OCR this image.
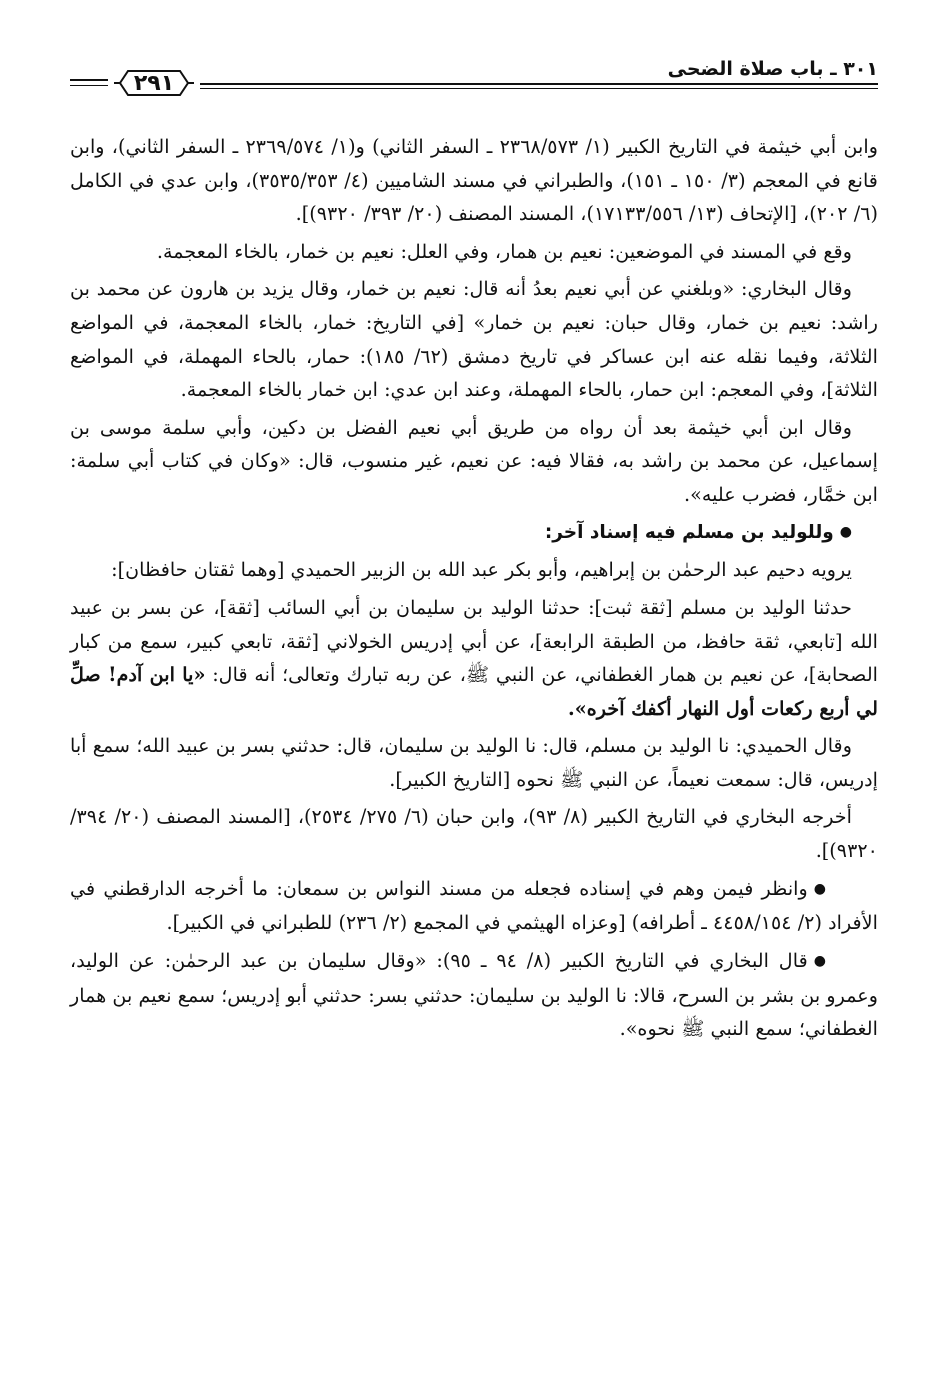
٣٠١ ـ باب صلاة الضحى
٢٩١

وابن أبي خيثمة في التاريخ الكبير (١/ ٢٣٦٨/٥٧٣ ـ السفر الثاني) و(١/ ٢٣٦٩/٥٧٤ ـ السفر الثاني)، وابن قانع في المعجم (٣/ ١٥٠ ـ ١٥١)، والطبراني في مسند الشاميين (٤/ ٣٥٣٥/٣٥٣)، وابن عدي في الكامل (٦/ ٢٠٢)، [الإتحاف (١٣/ ١٧١٣٣/٥٥٦)، المسند المصنف (٢٠/ ٣٩٣/ ٩٣٢٠)].

وقع في المسند في الموضعين: نعيم بن همار، وفي العلل: نعيم بن خمار، بالخاء المعجمة.

وقال البخاري: «وبلغني عن أبي نعيم بعدُ أنه قال: نعيم بن خمار، وقال يزيد بن هارون عن محمد بن راشد: نعيم بن خمار، وقال حبان: نعيم بن خمار» [في التاريخ: خمار، بالخاء المعجمة، في المواضع الثلاثة، وفيما نقله عنه ابن عساكر في تاريخ دمشق (٦٢/ ١٨٥): حمار، بالحاء المهملة، في المواضع الثلاثة]، وفي المعجم: ابن حمار، بالحاء المهملة، وعند ابن عدي: ابن خمار بالخاء المعجمة.

وقال ابن أبي خيثمة بعد أن رواه من طريق أبي نعيم الفضل بن دكين، وأبي سلمة موسى بن إسماعيل، عن محمد بن راشد به، فقالا فيه: عن نعيم، غير منسوب، قال: «وكان في كتاب أبي سلمة: ابن خمَّار، فضرب عليه».

●وللوليد بن مسلم فيه إسناد آخر:

يرويه دحيم عبد الرحمٰن بن إبراهيم، وأبو بكر عبد الله بن الزبير الحميدي [وهما ثقتان حافظان]:

حدثنا الوليد بن مسلم [ثقة ثبت]: حدثنا الوليد بن سليمان بن أبي السائب [ثقة]، عن بسر بن عبيد الله [تابعي، ثقة حافظ، من الطبقة الرابعة]، عن أبي إدريس الخولاني [ثقة، تابعي كبير، سمع من كبار الصحابة]، عن نعيم بن همار الغطفاني، عن النبي ﷺ، عن ربه تبارك وتعالى؛ أنه قال: «يا ابن آدم! صلِّ لي أربع ركعات أول النهار أكفك آخره».

وقال الحميدي: نا الوليد بن مسلم، قال: نا الوليد بن سليمان، قال: حدثني بسر بن عبيد الله؛ سمع أبا إدريس، قال: سمعت نعيماً، عن النبي ﷺ نحوه [التاريخ الكبير].

أخرجه البخاري في التاريخ الكبير (٨/ ٩٣)، وابن حبان (٦/ ٢٧٥/ ٢٥٣٤)، [المسند المصنف (٢٠/ ٣٩٤/ ٩٣٢٠)].

●وانظر فيمن وهم في إسناده فجعله من مسند النواس بن سمعان: ما أخرجه الدارقطني في الأفراد (٢/ ٤٤٥٨/١٥٤ ـ أطرافه) [وعزاه الهيثمي في المجمع (٢/ ٢٣٦) للطبراني في الكبير].

●قال البخاري في التاريخ الكبير (٨/ ٩٤ ـ ٩٥): «وقال سليمان بن عبد الرحمٰن: عن الوليد، وعمرو بن بشر بن السرح، قالا: نا الوليد بن سليمان: حدثني بسر: حدثني أبو إدريس؛ سمع نعيم بن همار الغطفاني؛ سمع النبي ﷺ نحوه».
